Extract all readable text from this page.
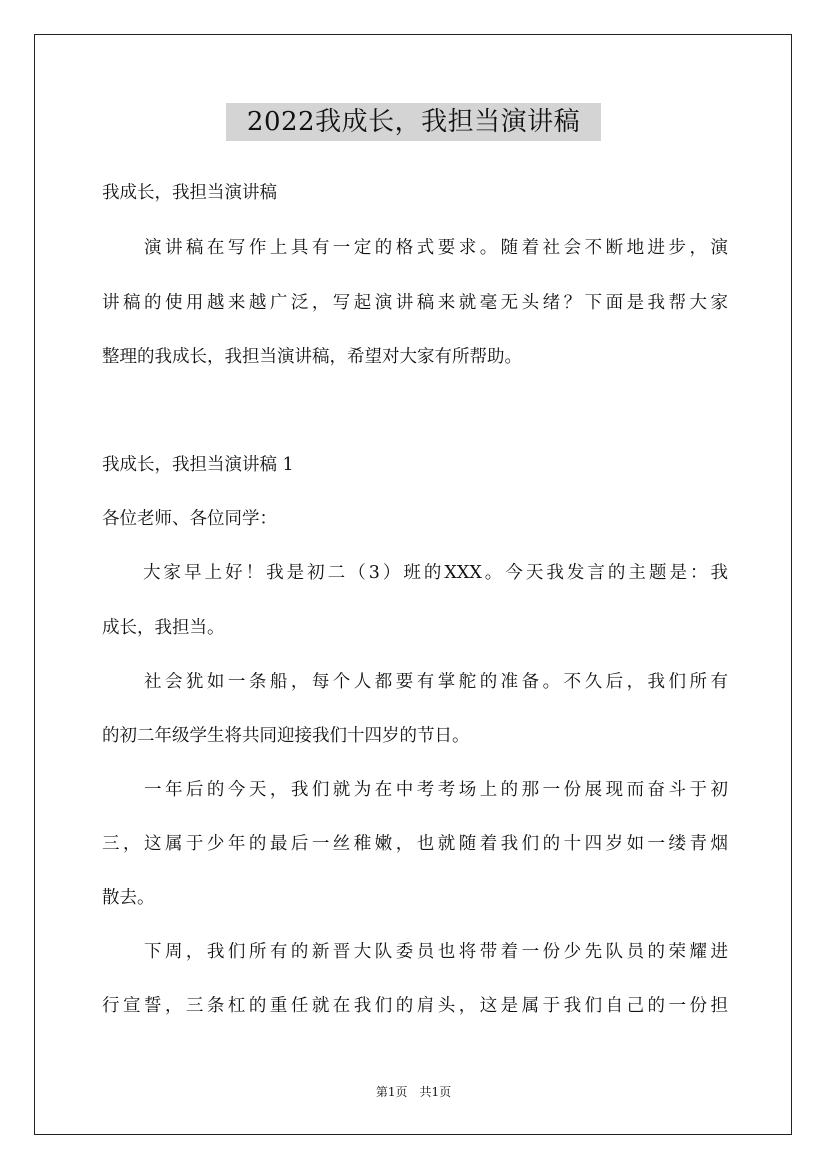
2022我成长，我担当演讲稿
我成长，我担当演讲稿
　　演讲稿在写作上具有一定的格式要求。随着社会不断地进步，演
讲稿的使用越来越广泛，写起演讲稿来就毫无头绪？下面是我帮大家
整理的我成长，我担当演讲稿，希望对大家有所帮助。
我成长，我担当演讲稿 1
各位老师、各位同学：
　　大家早上好！我是初二（3）班的XXX。今天我发言的主题是：我
成长，我担当。
　　社会犹如一条船，每个人都要有掌舵的准备。不久后，我们所有
的初二年级学生将共同迎接我们十四岁的节日。
　　一年后的今天，我们就为在中考考场上的那一份展现而奋斗于初
三，这属于少年的最后一丝稚嫩，也就随着我们的十四岁如一缕青烟
散去。
　　下周，我们所有的新晋大队委员也将带着一份少先队员的荣耀进
行宣誓，三条杠的重任就在我们的肩头，这是属于我们自己的一份担
第1页　共1页
